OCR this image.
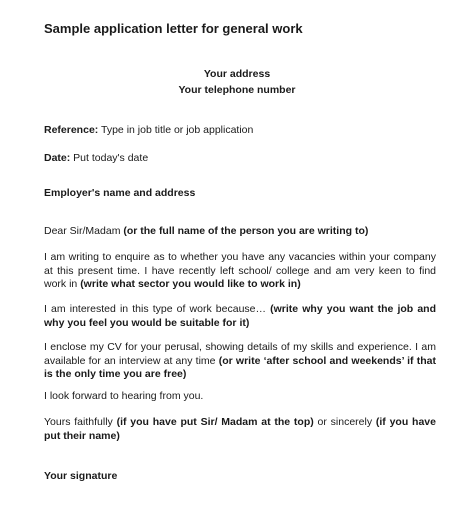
Sample application letter for general work
Your address
Your telephone number
Reference: Type in job title or job application
Date: Put today's date
Employer's name and address
Dear Sir/Madam (or the full name of the person you are writing to)
I am writing to enquire as to whether you have any vacancies within your company at this present time. I have recently left school/ college and am very keen to find work in (write what sector you would like to work in)
I am interested in this type of work because… (write why you want the job and why you feel you would be suitable for it)
I enclose my CV for your perusal, showing details of my skills and experience. I am available for an interview at any time (or write ‘after school and weekends’ if that is the only time you are free)
I look forward to hearing from you.
Yours faithfully (if you have put Sir/ Madam at the top) or sincerely (if you have put their name)
Your signature
